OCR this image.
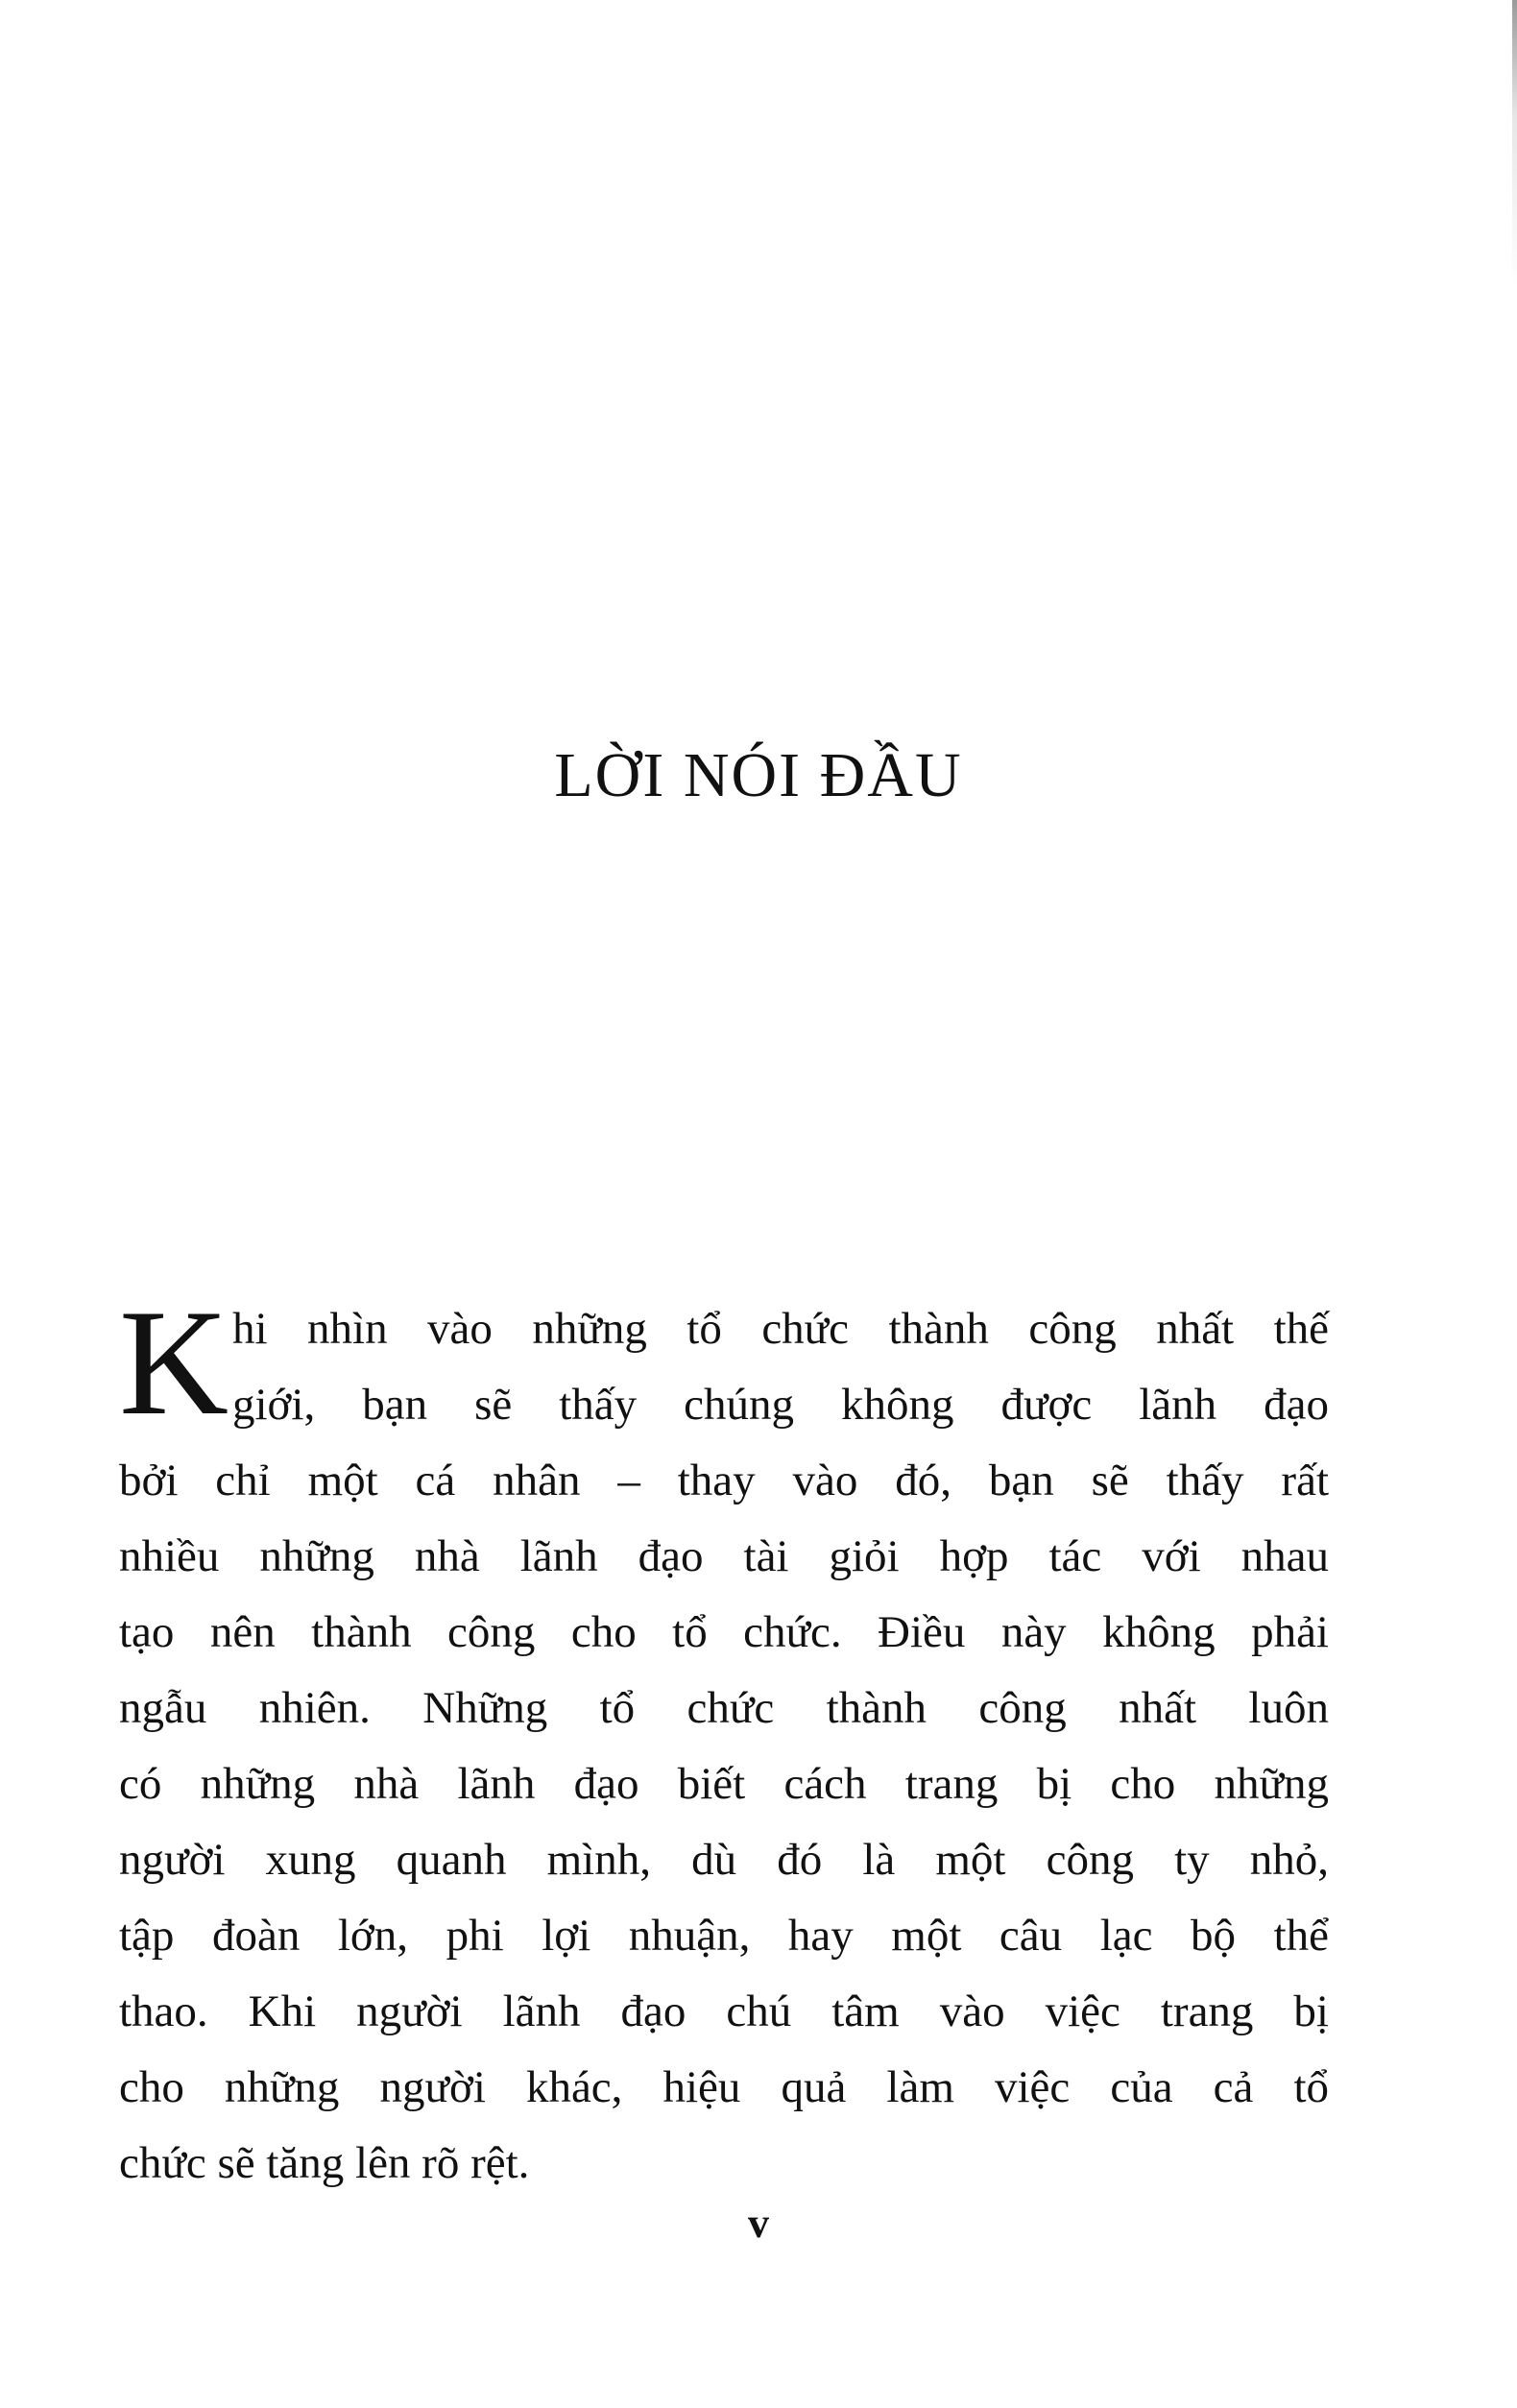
LỜI NÓI ĐẦU
K hi nhìn vào những tổ chức thành công nhất thế
giới, bạn sẽ thấy chúng không được lãnh đạo
bởi chỉ một cá nhân – thay vào đó, bạn sẽ thấy rất
nhiều những nhà lãnh đạo tài giỏi hợp tác với nhau
tạo nên thành công cho tổ chức. Điều này không phải
ngẫu nhiên. Những tổ chức thành công nhất luôn
có những nhà lãnh đạo biết cách trang bị cho những
người xung quanh mình, dù đó là một công ty nhỏ,
tập đoàn lớn, phi lợi nhuận, hay một câu lạc bộ thể
thao. Khi người lãnh đạo chú tâm vào việc trang bị
cho những người khác, hiệu quả làm việc của cả tổ
chức sẽ tăng lên rõ rệt.
v
